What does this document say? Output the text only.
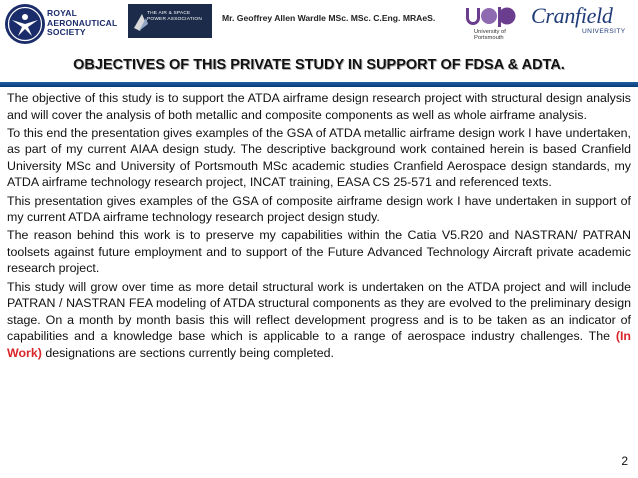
ROYAL
AERONAUTICAL
SOCIETY
THE AIR & SPACE
POWER ASSOCIATION Mr. Geoffrey Allen Wardle MSc. MSc. C.Eng. MRAeS.
University of
Portsmouth
Cranfield
UNIVERSITY
OBJECTIVES OF THIS PRIVATE STUDY IN SUPPORT OF FDSA & ADTA.

The objective of this study is to support the ATDA airframe design research project with structural design analysis and will cover the analysis of both metallic and composite components as well as whole airframe analysis.

To this end the presentation gives examples of the GSA of ATDA metallic airframe design work I have undertaken, as part of my current AIAA design study. The descriptive background work contained herein is based Cranfield University MSc and University of Portsmouth MSc academic studies Cranfield Aerospace design standards, my ATDA airframe technology research project, INCAT training, EASA CS 25-571 and referenced texts.

This presentation gives examples of the GSA of composite airframe design work I have undertaken in support of my current ATDA airframe technology research project design study.

The reason behind this work is to preserve my capabilities within the Catia V5.R20 and NASTRAN/ PATRAN toolsets against future employment and to support of the Future Advanced Technology Aircraft private academic research project.

This study will grow over time as more detail structural work is undertaken on the ATDA project and will include PATRAN / NASTRAN FEA modeling of ATDA structural components as they are evolved to the preliminary design stage. On a month by month basis this will reflect development progress and is to be taken as an indicator of capabilities and a knowledge base which is applicable to a range of aerospace industry challenges. The (In Work) designations are sections currently being completed.

2
